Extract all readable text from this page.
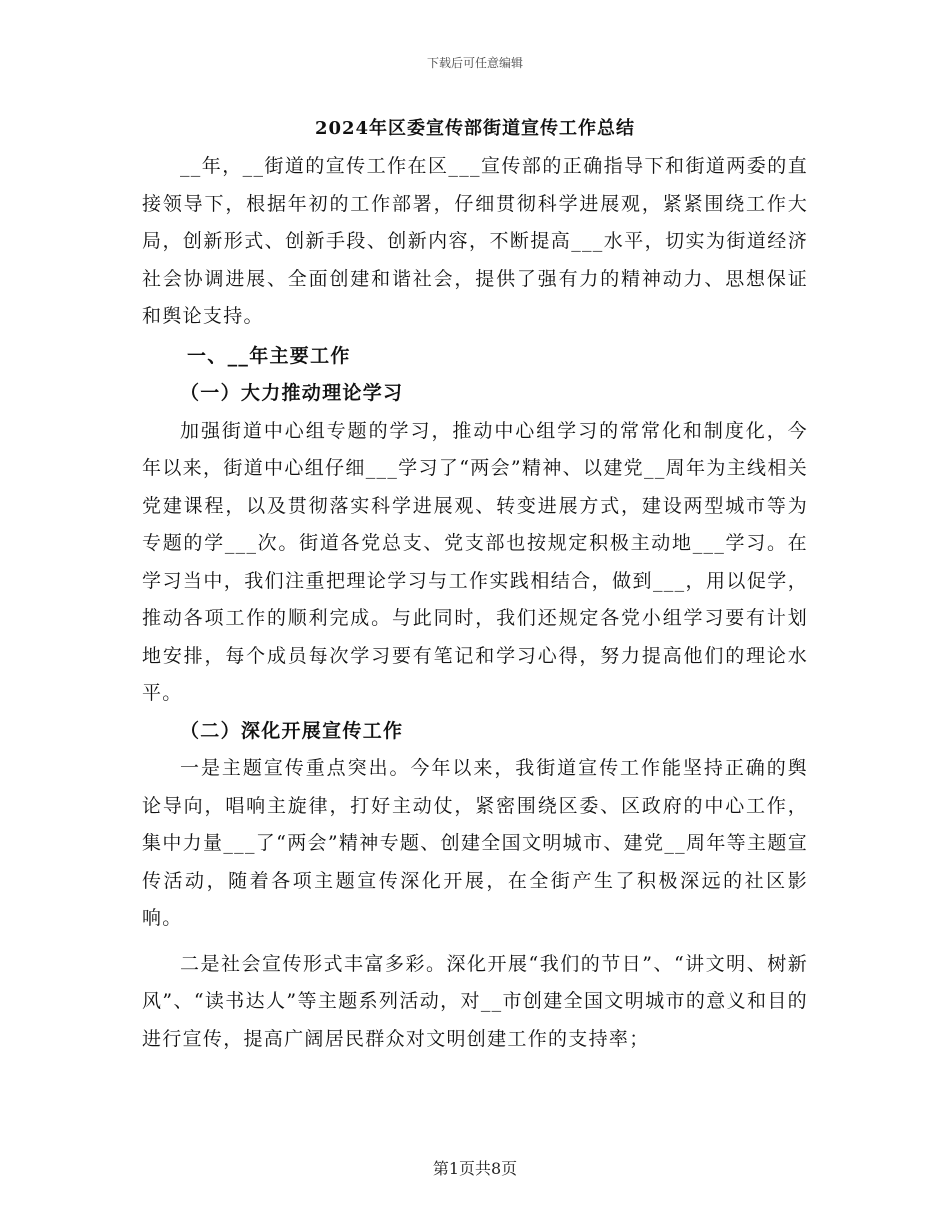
下载后可任意编辑
2024年区委宣传部街道宣传工作总结

__年，__街道的宣传工作在区___宣传部的正确指导下和街道两委的直接领导下，根据年初的工作部署，仔细贯彻科学进展观，紧紧围绕工作大局，创新形式、创新手段、创新内容，不断提高___水平，切实为街道经济社会协调进展、全面创建和谐社会，提供了强有力的精神动力、思想保证和舆论支持。

一、__年主要工作

（一）大力推动理论学习

加强街道中心组专题的学习，推动中心组学习的常常化和制度化，今年以来，街道中心组仔细___学习了“两会”精神、以建党__周年为主线相关党建课程，以及贯彻落实科学进展观、转变进展方式，建设两型城市等为专题的学___次。街道各党总支、党支部也按规定积极主动地___学习。在学习当中，我们注重把理论学习与工作实践相结合，做到___，用以促学，推动各项工作的顺利完成。与此同时，我们还规定各党小组学习要有计划地安排，每个成员每次学习要有笔记和学习心得，努力提高他们的理论水平。

（二）深化开展宣传工作

一是主题宣传重点突出。今年以来，我街道宣传工作能坚持正确的舆论导向，唱响主旋律，打好主动仗，紧密围绕区委、区政府的中心工作，集中力量___了“两会”精神专题、创建全国文明城市、建党__周年等主题宣传活动，随着各项主题宣传深化开展，在全街产生了积极深远的社区影响。

二是社会宣传形式丰富多彩。深化开展“我们的节日”、“讲文明、树新风”、“读书达人”等主题系列活动，对__市创建全国文明城市的意义和目的进行宣传，提高广阔居民群众对文明创建工作的支持率；

第1页共8页
